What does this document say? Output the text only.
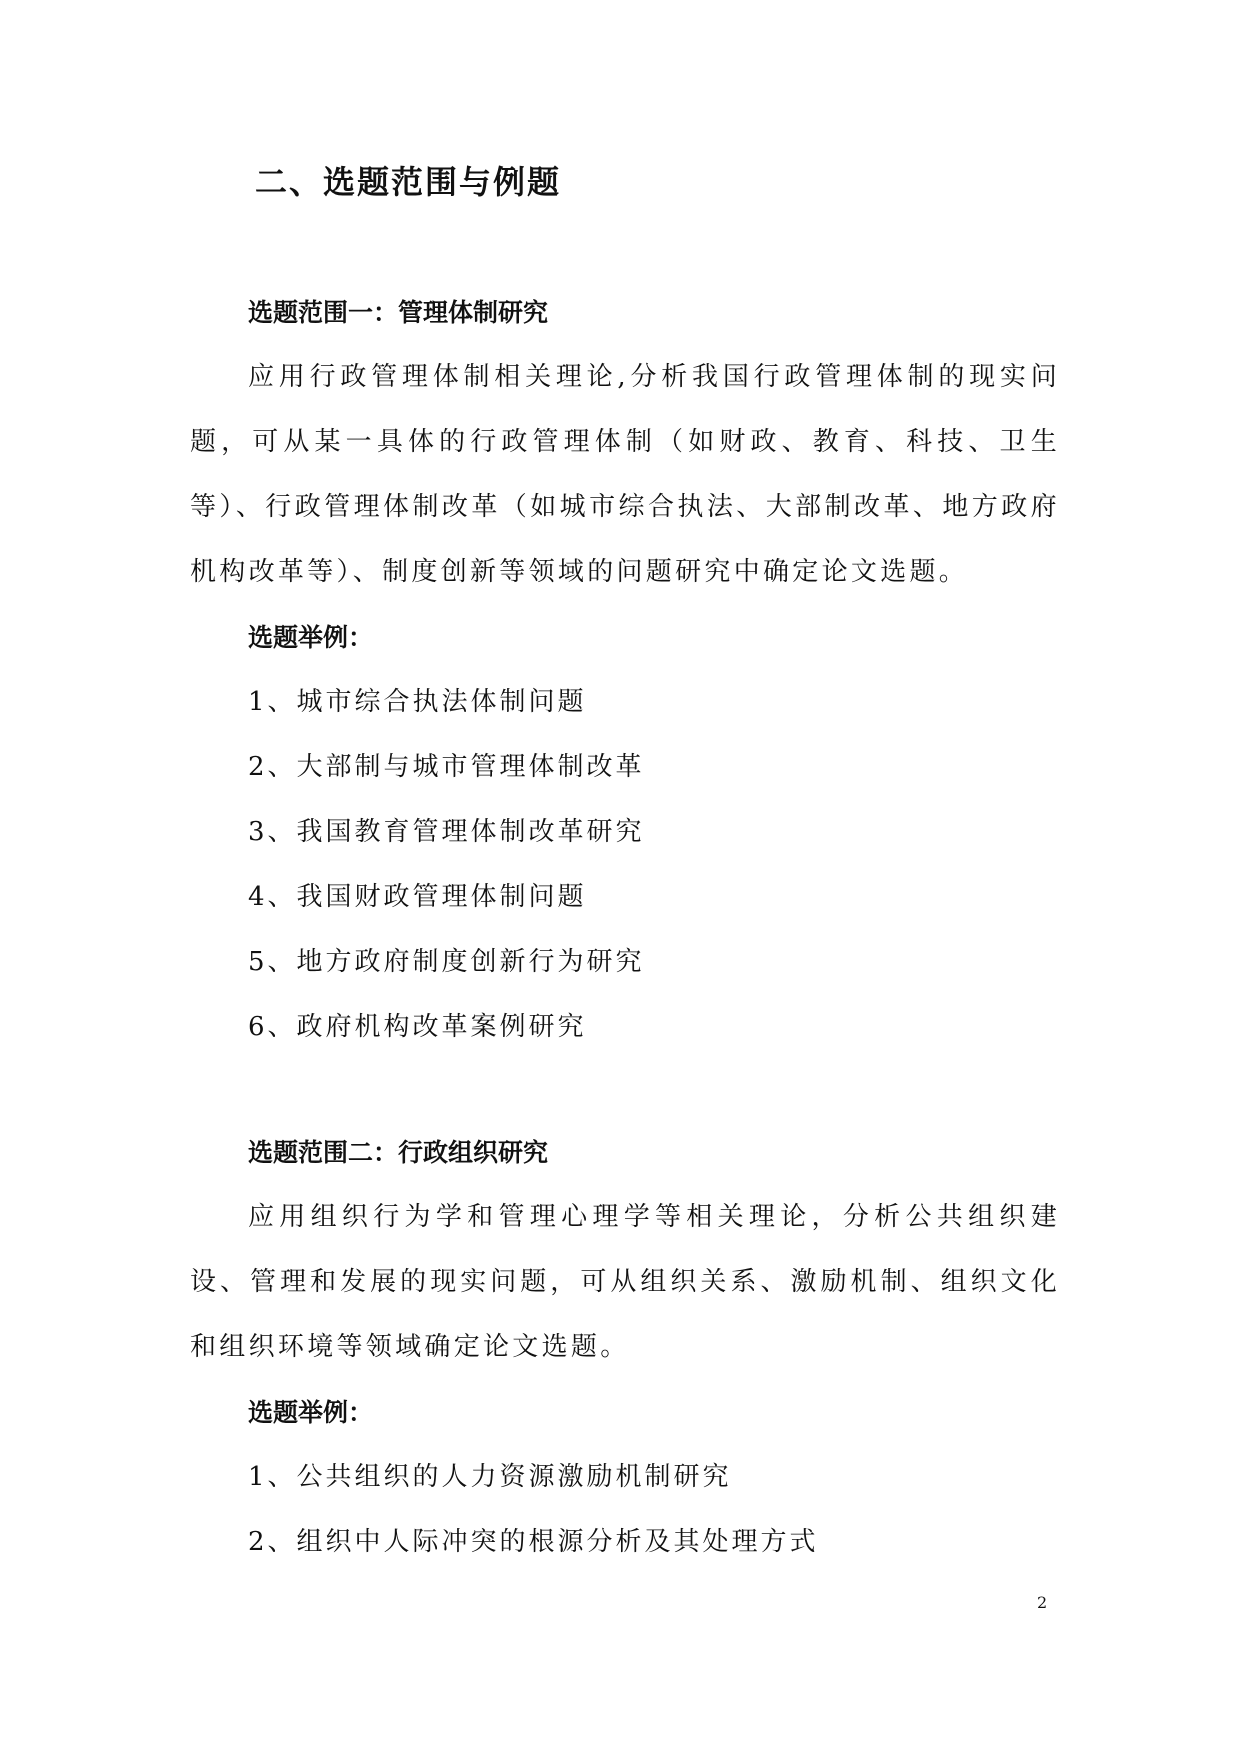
二、选题范围与例题
选题范围一：管理体制研究

应用行政管理体制相关理论,分析我国行政管理体制的现实问题，可从某一具体的行政管理体制（如财政、教育、科技、卫生等）、行政管理体制改革（如城市综合执法、大部制改革、地方政府机构改革等）、制度创新等领域的问题研究中确定论文选题。

选题举例：
1、城市综合执法体制问题
2、大部制与城市管理体制改革
3、我国教育管理体制改革研究
4、我国财政管理体制问题
5、地方政府制度创新行为研究
6、政府机构改革案例研究
选题范围二：行政组织研究

应用组织行为学和管理心理学等相关理论，分析公共组织建设、管理和发展的现实问题，可从组织关系、激励机制、组织文化和组织环境等领域确定论文选题。

选题举例：
1、公共组织的人力资源激励机制研究
2、组织中人际冲突的根源分析及其处理方式
2
